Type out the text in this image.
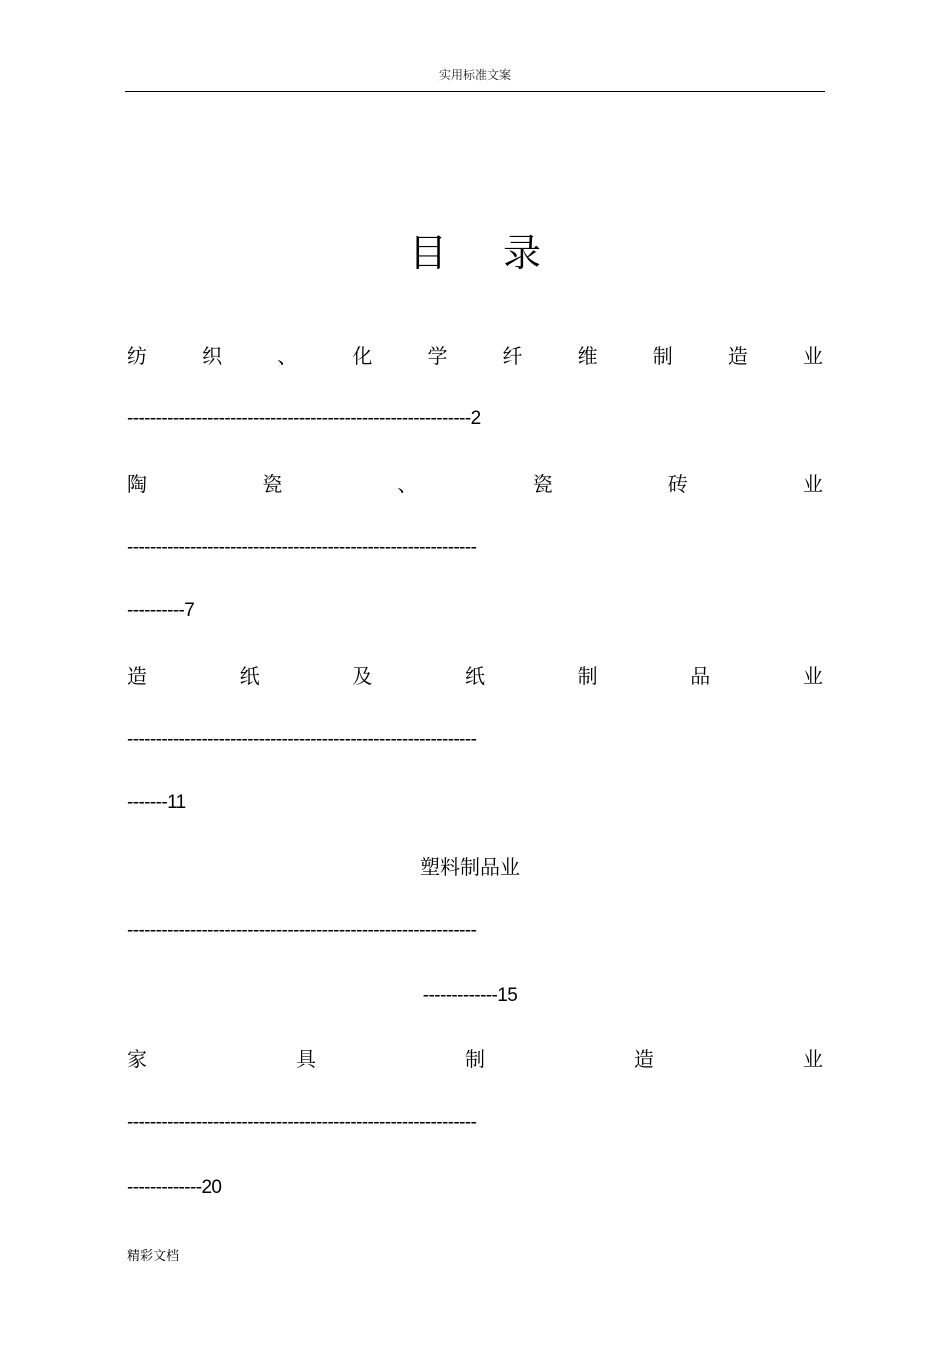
实用标准文案
目 录
纺	织	、	化	学	纤	维	制	造	业
------------------------------------------------------------2
陶	瓷	、	瓷	砖	业
-------------------------------------------------------------
----------7
造	纸	及	纸	制	品	业
-------------------------------------------------------------
-------11
塑料制品业
-------------------------------------------------------------
-------------15
家	具	制	造	业
-------------------------------------------------------------
-------------20
精彩文档
